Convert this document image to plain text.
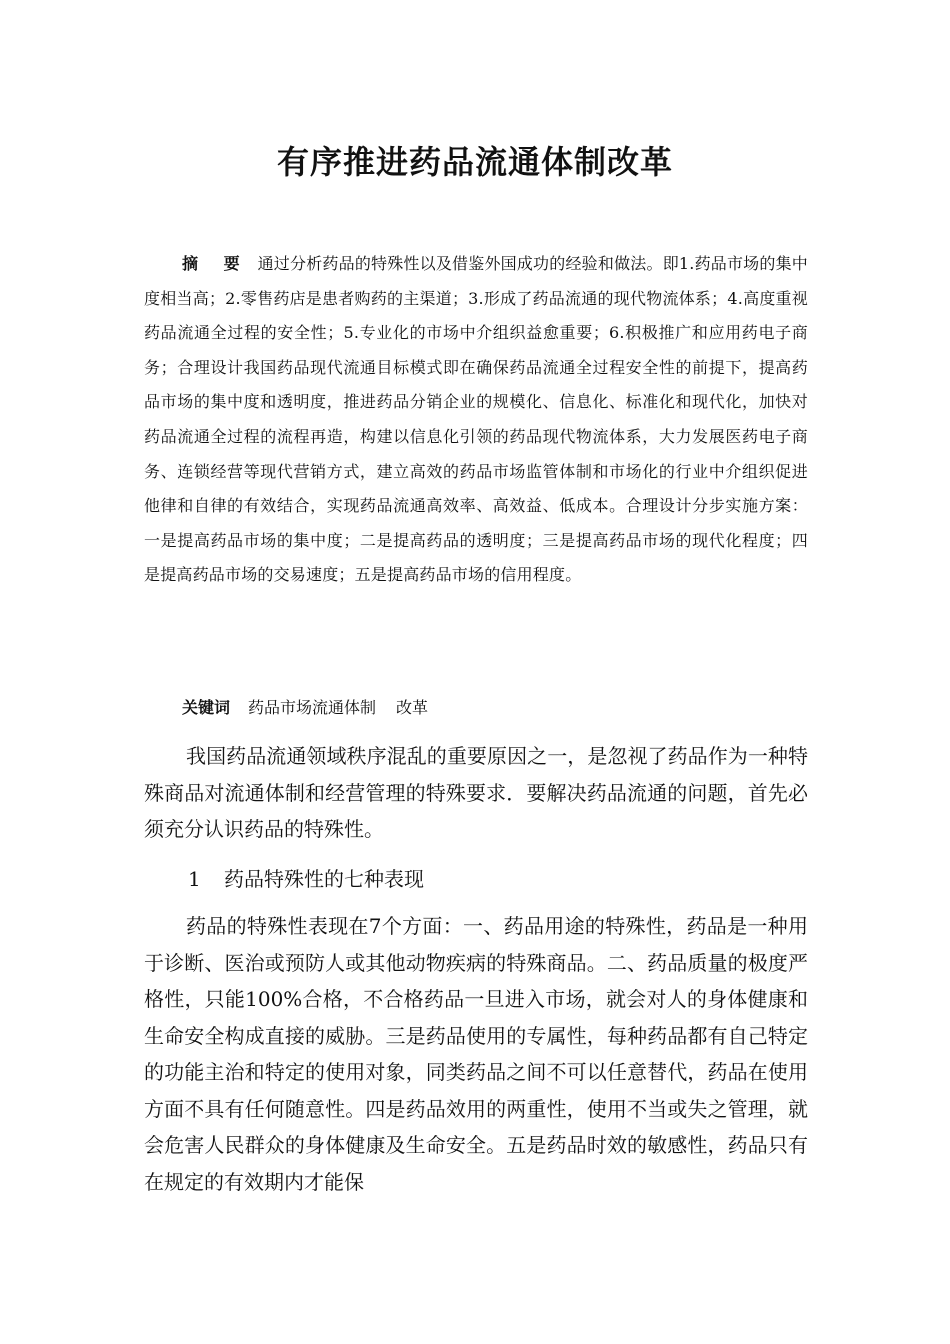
有序推进药品流通体制改革
摘 要 通过分析药品的特殊性以及借鉴外国成功的经验和做法。即1.药品市场的集中度相当高；2.零售药店是患者购药的主渠道；3.形成了药品流通的现代物流体系；4.高度重视药品流通全过程的安全性；5.专业化的市场中介组织益愈重要；6.积极推广和应用药电子商务；合理设计我国药品现代流通目标模式即在确保药品流通全过程安全性的前提下，提高药品市场的集中度和透明度，推进药品分销企业的规模化、信息化、标准化和现代化，加快对药品流通全过程的流程再造，构建以信息化引领的药品现代物流体系，大力发展医药电子商务、连锁经营等现代营销方式，建立高效的药品市场监管体制和市场化的行业中介组织促进他律和自律的有效结合，实现药品流通高效率、高效益、低成本。合理设计分步实施方案：一是提高药品市场的集中度；二是提高药品的透明度；三是提高药品市场的现代化程度；四是提高药品市场的交易速度；五是提高药品市场的信用程度。
关键词 药品市场流通体制 改革
我国药品流通领域秩序混乱的重要原因之一，是忽视了药品作为一种特殊商品对流通体制和经营管理的特殊要求．要解决药品流通的问题，首先必须充分认识药品的特殊性。
1 药品特殊性的七种表现
药品的特殊性表现在7个方面：一、药品用途的特殊性，药品是一种用于诊断、医治或预防人或其他动物疾病的特殊商品。二、药品质量的极度严格性，只能100%合格，不合格药品一旦进入市场，就会对人的身体健康和生命安全构成直接的威胁。三是药品使用的专属性，每种药品都有自己特定的功能主治和特定的使用对象，同类药品之间不可以任意替代，药品在使用方面不具有任何随意性。四是药品效用的两重性，使用不当或失之管理，就会危害人民群众的身体健康及生命安全。五是药品时效的敏感性，药品只有在规定的有效期内才能保
